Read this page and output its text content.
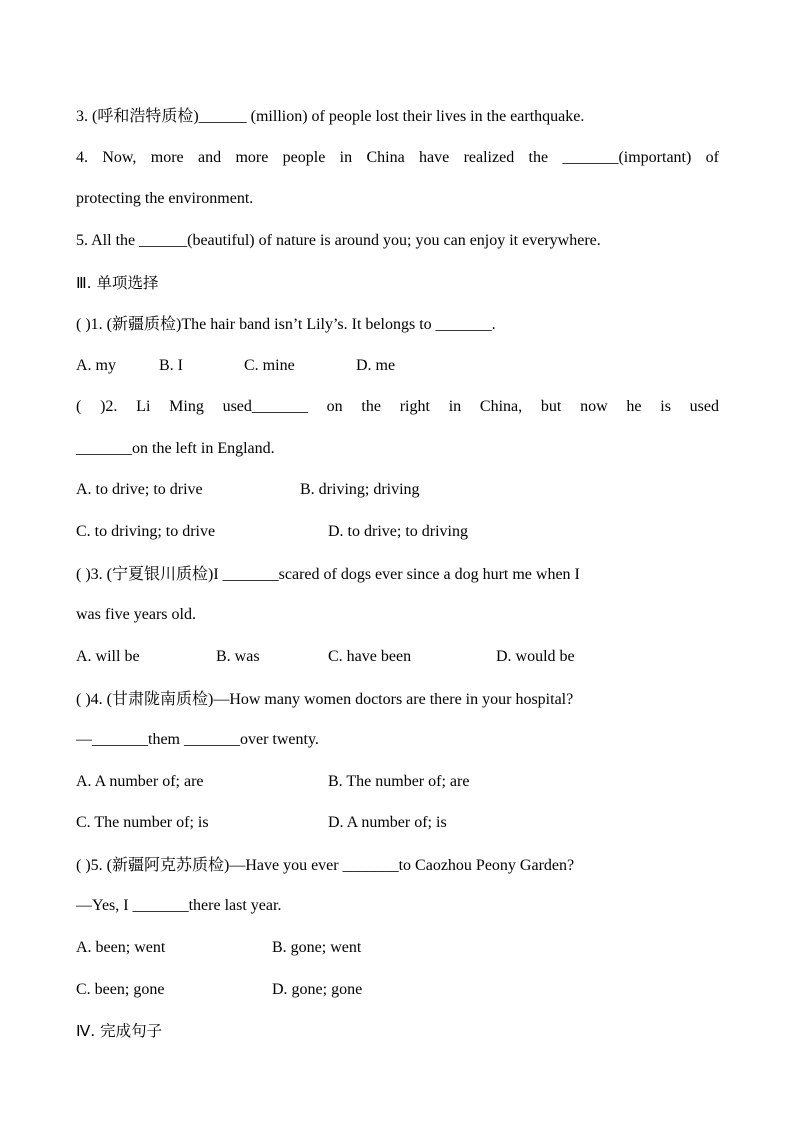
3. (呼和浩特质检)______ (million) of people lost their lives in the earthquake.
4. Now, more and more people in China have realized the _______(important) of
protecting the environment.
5. All the ______(beautiful) of nature is around you; you can enjoy it everywhere.
Ⅲ. 单项选择
( )1. (新疆质检)The hair band isn’t Lily’s. It belongs to _______.
A. my	B. I	C. mine	D. me
( )2. Li Ming used_______ on the right in China, but now he is used
_______on the left in England.
A. to drive; to drive	B. driving; driving
C. to driving; to drive	D. to drive; to driving
( )3. (宁夏银川质检)I _______scared of dogs ever since a dog hurt me when I
was five years old.
A. will be	B. was	C. have been	D. would be
( )4. (甘肃陇南质检)—How many women doctors are there in your hospital?
—_______them _______over twenty.
A. A number of; are	B. The number of; are
C. The number of; is	D. A number of; is
( )5. (新疆阿克苏质检)—Have you ever _______to Caozhou Peony Garden?
—Yes, I _______there last year.
A. been; went	B. gone; went
C. been; gone	D. gone; gone
Ⅳ. 完成句子
